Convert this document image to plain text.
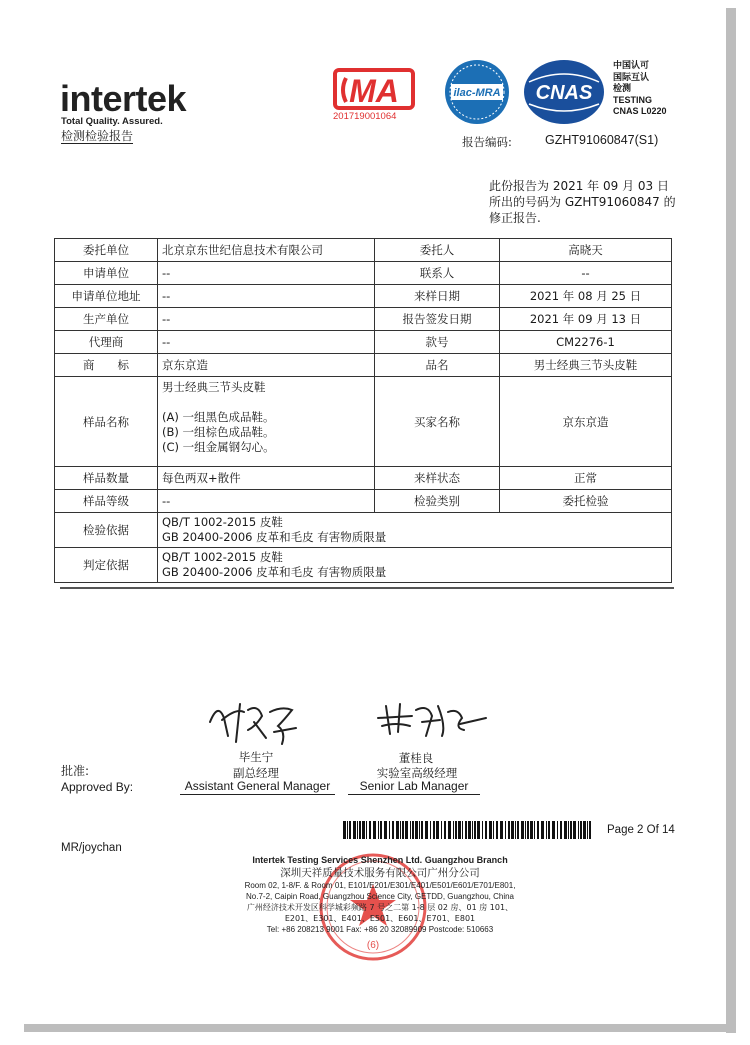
intertek
Total Quality. Assured.
检测检验报告
MA
201719001064
ilac-MRA CNAS
中国认可
国际互认
检测
TESTING
CNAS L0220
报告编码:	GZHT91060847(S1)
此份报告为 2021 年 09 月 03 日所出的号码为 GZHT91060847 的修正报告.
委托单位	北京京东世纪信息技术有限公司	委托人	高晓天
申请单位	--	联系人	--
申请单位地址	--	来样日期	2021 年 08 月 25 日
生产单位	--	报告签发日期	2021 年 09 月 13 日
代理商	--	款号	CM2276-1
商　　标	京东京造	品名	男士经典三节头皮鞋
样品名称	男士经典三节头皮鞋
(A) 一组黑色成品鞋。
(B) 一组棕色成品鞋。
(C) 一组金属钢勾心。	买家名称	京东京造
样品数量	每色两双+散件	来样状态	正常
样品等级	--	检验类别	委托检验
检验依据	QB/T 1002-2015 皮鞋
GB 20400-2006 皮革和毛皮 有害物质限量		

判定依据	QB/T 1002-2015 皮鞋
GB 20400-2006 皮革和毛皮 有害物质限量		
毕生宁
副总经理
Assistant General Manager
董桂良
实验室高级经理
Senior Lab Manager
批准:
Approved By:
Page 2 Of 14
MR/joychan
(6)
Intertek Testing Services Shenzhen Ltd. Guangzhou Branch
深圳天祥质量技术服务有限公司广州分公司
Room 02, 1-8/F. & Room 01, E101/E201/E301/E401/E501/E601/E701/E801,
No.7-2, Caipin Road, Guangzhou Science City, GETDD, Guangzhou, China
广州经济技术开发区科学城彩频路 7 号之二第 1-8 层 02 房、01 房 101、
E201、E301、E401、E501、E601、E701、E801
Tel: +86 208213 9001 Fax: +86 20 32089909 Postcode: 510663
